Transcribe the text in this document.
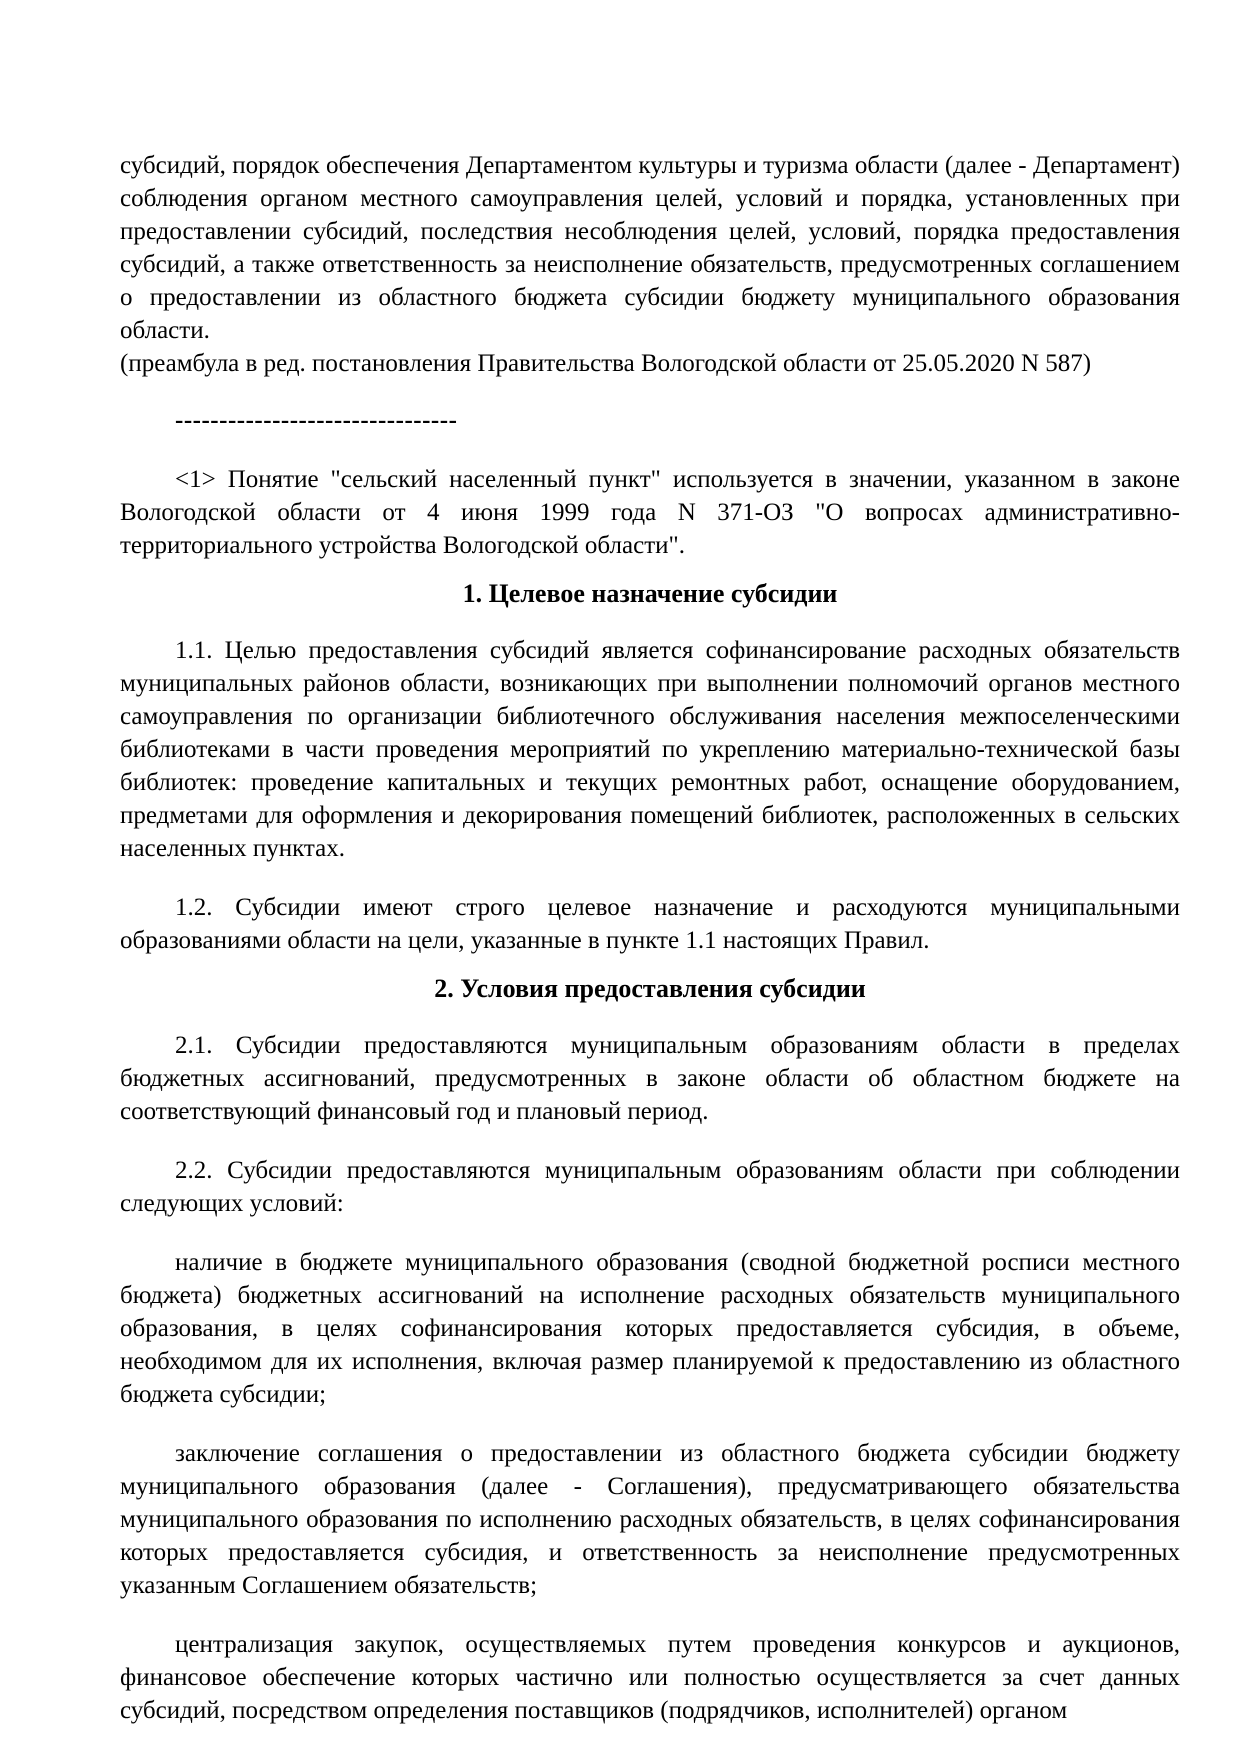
субсидий, порядок обеспечения Департаментом культуры и туризма области (далее - Департамент) соблюдения органом местного самоуправления целей, условий и порядка, установленных при предоставлении субсидий, последствия несоблюдения целей, условий, порядка предоставления субсидий, а также ответственность за неисполнение обязательств, предусмотренных соглашением о предоставлении из областного бюджета субсидии бюджету муниципального образования области.

(преамбула в ред. постановления Правительства Вологодской области от 25.05.2020 N 587)

--------------------------------

<1> Понятие "сельский населенный пункт" используется в значении, указанном в законе Вологодской области от 4 июня 1999 года N 371-ОЗ "О вопросах административно-территориального устройства Вологодской области".

1. Целевое назначение субсидии

1.1. Целью предоставления субсидий является софинансирование расходных обязательств муниципальных районов области, возникающих при выполнении полномочий органов местного самоуправления по организации библиотечного обслуживания населения межпоселенческими библиотеками в части проведения мероприятий по укреплению материально-технической базы библиотек: проведение капитальных и текущих ремонтных работ, оснащение оборудованием, предметами для оформления и декорирования помещений библиотек, расположенных в сельских населенных пунктах.

1.2. Субсидии имеют строго целевое назначение и расходуются муниципальными образованиями области на цели, указанные в пункте 1.1 настоящих Правил.

2. Условия предоставления субсидии

2.1. Субсидии предоставляются муниципальным образованиям области в пределах бюджетных ассигнований, предусмотренных в законе области об областном бюджете на соответствующий финансовый год и плановый период.

2.2. Субсидии предоставляются муниципальным образованиям области при соблюдении следующих условий:

наличие в бюджете муниципального образования (сводной бюджетной росписи местного бюджета) бюджетных ассигнований на исполнение расходных обязательств муниципального образования, в целях софинансирования которых предоставляется субсидия, в объеме, необходимом для их исполнения, включая размер планируемой к предоставлению из областного бюджета субсидии;

заключение соглашения о предоставлении из областного бюджета субсидии бюджету муниципального образования (далее - Соглашения), предусматривающего обязательства муниципального образования по исполнению расходных обязательств, в целях софинансирования которых предоставляется субсидия, и ответственность за неисполнение предусмотренных указанным Соглашением обязательств;

централизация закупок, осуществляемых путем проведения конкурсов и аукционов, финансовое обеспечение которых частично или полностью осуществляется за счет данных субсидий, посредством определения поставщиков (подрядчиков, исполнителей) органом
